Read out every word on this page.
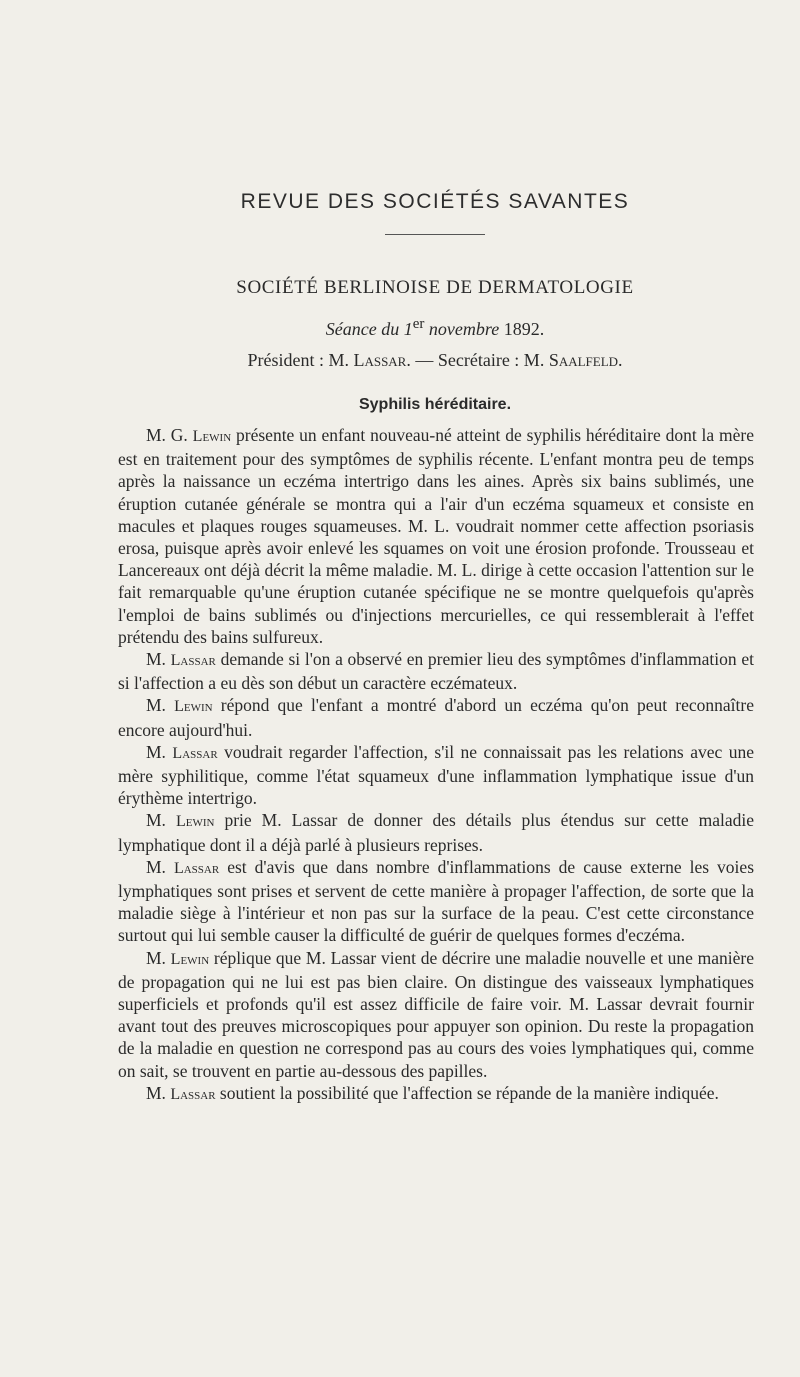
REVUE DES SOCIÉTÉS SAVANTES
SOCIÉTÉ BERLINOISE DE DERMATOLOGIE
Séance du 1er novembre 1892.
Président : M. Lassar. — Secrétaire : M. Saalfeld.
Syphilis héréditaire.

M. G. Lewin présente un enfant nouveau-né atteint de syphilis héréditaire dont la mère est en traitement pour des symptômes de syphilis récente. L'enfant montra peu de temps après la naissance un eczéma intertrigo dans les aines. Après six bains sublimés, une éruption cutanée générale se montra qui a l'air d'un eczéma squameux et consiste en macules et plaques rouges squameuses. M. L. voudrait nommer cette affection psoriasis erosa, puisque après avoir enlevé les squames on voit une érosion profonde. Trousseau et Lancereaux ont déjà décrit la même maladie. M. L. dirige à cette occasion l'attention sur le fait remarquable qu'une éruption cutanée spécifique ne se montre quelquefois qu'après l'emploi de bains sublimés ou d'injections mercurielles, ce qui ressemblerait à l'effet prétendu des bains sulfureux.

M. Lassar demande si l'on a observé en premier lieu des symptômes d'inflammation et si l'affection a eu dès son début un caractère eczémateux.

M. Lewin répond que l'enfant a montré d'abord un eczéma qu'on peut reconnaître encore aujourd'hui.

M. Lassar voudrait regarder l'affection, s'il ne connaissait pas les relations avec une mère syphilitique, comme l'état squameux d'une inflammation lymphatique issue d'un érythème intertrigo.

M. Lewin prie M. Lassar de donner des détails plus étendus sur cette maladie lymphatique dont il a déjà parlé à plusieurs reprises.

M. Lassar est d'avis que dans nombre d'inflammations de cause externe les voies lymphatiques sont prises et servent de cette manière à propager l'affection, de sorte que la maladie siège à l'intérieur et non pas sur la surface de la peau. C'est cette circonstance surtout qui lui semble causer la difficulté de guérir de quelques formes d'eczéma.

M. Lewin réplique que M. Lassar vient de décrire une maladie nouvelle et une manière de propagation qui ne lui est pas bien claire. On distingue des vaisseaux lymphatiques superficiels et profonds qu'il est assez difficile de faire voir. M. Lassar devrait fournir avant tout des preuves microscopiques pour appuyer son opinion. Du reste la propagation de la maladie en question ne correspond pas au cours des voies lymphatiques qui, comme on sait, se trouvent en partie au-dessous des papilles.

M. Lassar soutient la possibilité que l'affection se répande de la manière indiquée.
